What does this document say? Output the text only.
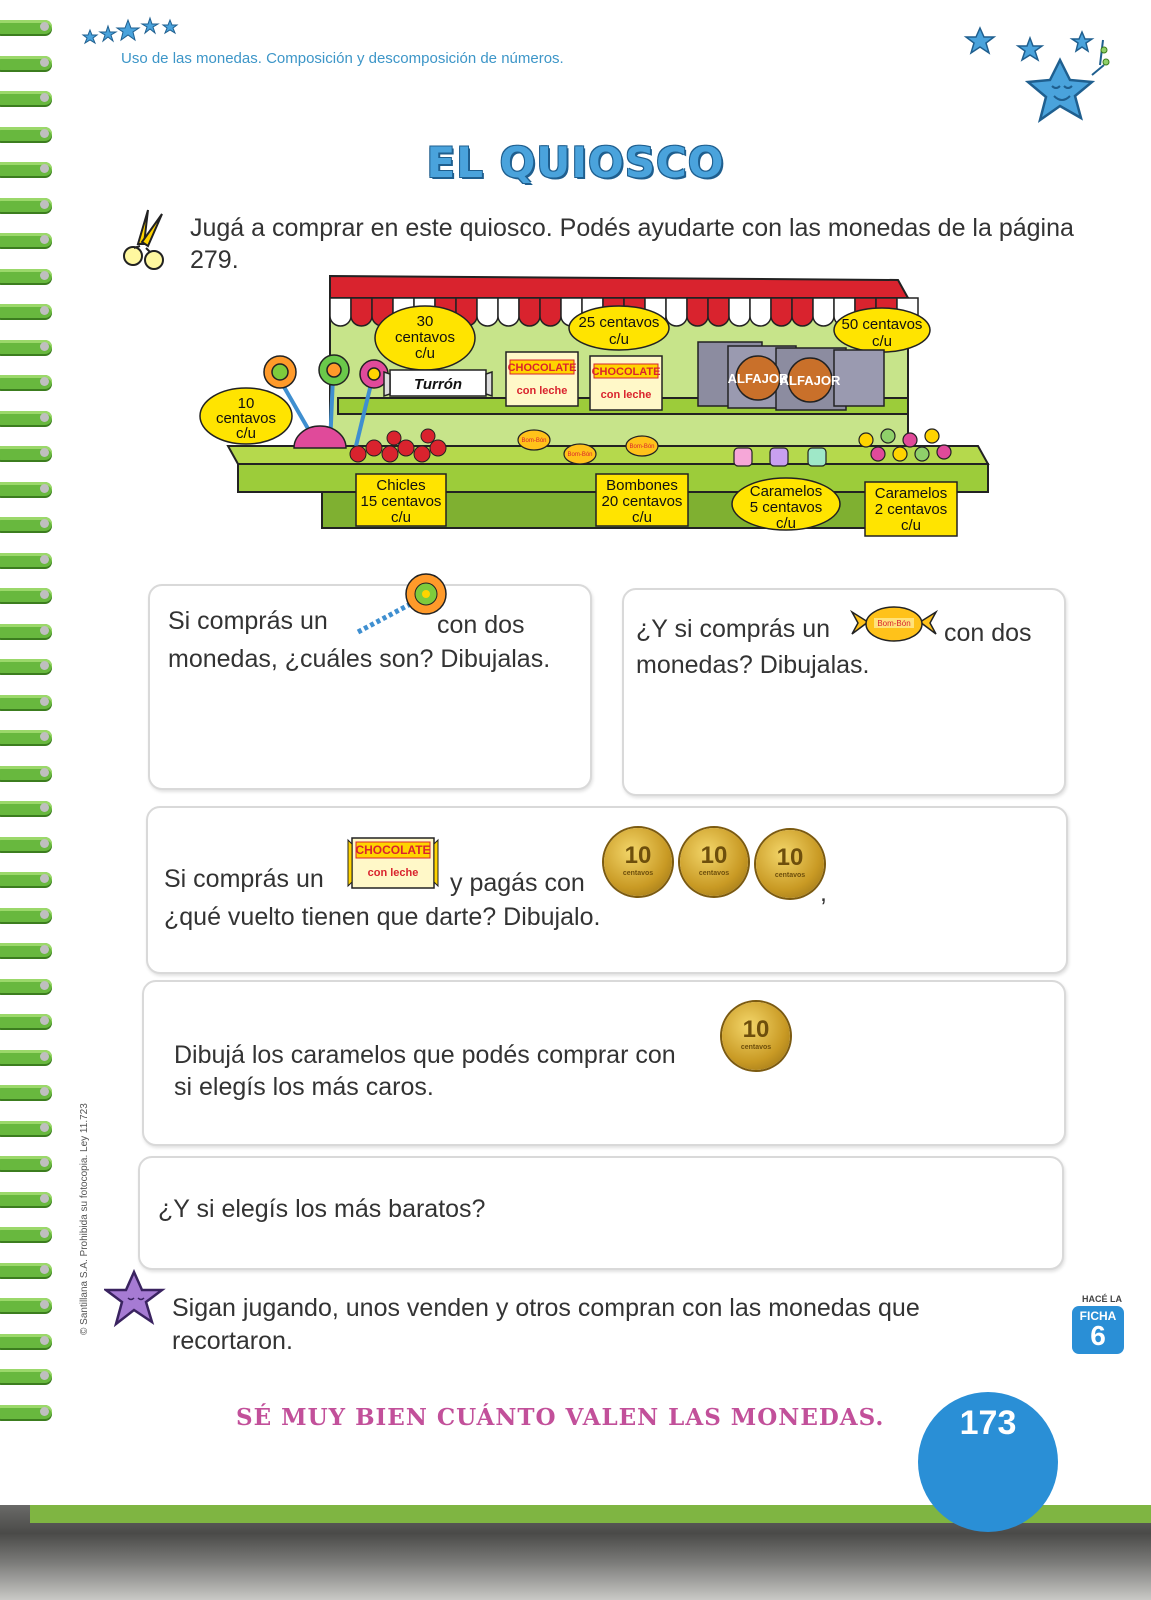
Uso de las monedas. Composición y descomposición de números.
EL QUIOSCO
Jugá a comprar en este quiosco. Podés ayudarte con las monedas de la página 279.
10
centavos
c/u
30
centavos
c/u
25 centavos
c/u
50 centavos
c/u
Turrón
CHOCOLATE
con leche
CHOCOLATE
con leche
ALFAJOR
ALFAJOR
Bom-Bón
Bom-Bón
Bom-Bón
Chicles
15 centavos
c/u
Bombones
20 centavos
c/u
Caramelos
5 centavos
c/u
Caramelos
2 centavos
c/u
Si comprás un	con dos
monedas, ¿cuáles son? Dibujalas.
¿Y si comprás un	Bom-Bón con dos
monedas? Dibujalas.
Si comprás un
CHOCOLATE
con leche y pagás con
10
centavos
10
centavos
10
centavos
,
¿qué vuelto tienen que darte? Dibujalo.
Dibujá los caramelos que podés comprar con
10
centavos
si elegís los más caros.
¿Y si elegís los más baratos?
Sigan jugando, unos venden y otros compran con las monedas que recortaron.
HACÉ LA
FICHA
6
© Santillana S.A. Prohibida su fotocopia. Ley 11.723
SÉ MUY BIEN CUÁNTO VALEN LAS MONEDAS.	173
